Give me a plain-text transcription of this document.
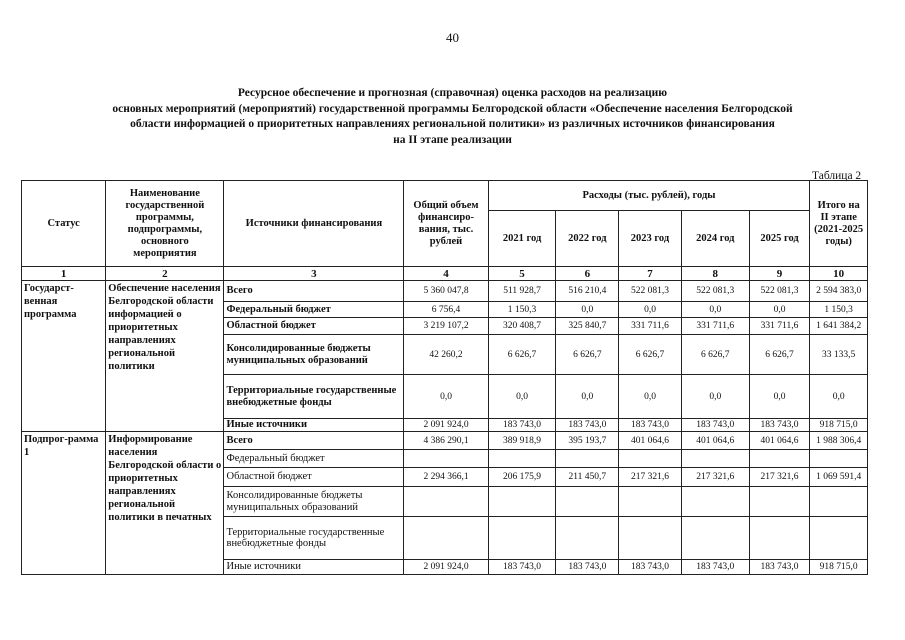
40
Ресурсное обеспечение и прогнозная (справочная) оценка расходов на реализацию
основных мероприятий (мероприятий) государственной программы Белгородской области «Обеспечение населения Белгородской
области информацией о приоритетных направлениях региональной политики» из различных источников финансирования
на II этапе реализации
Таблица 2
Статус	Наименование государственной программы, подпрограммы, основного мероприятия	Источники финансирования	Общий объем финансиро-вания, тыс. рублей	Расходы (тыс. рублей), годы					Итого на II этапе (2021-2025 годы)
				2021 год	2022 год	2023 год	2024 год	2025 год	
1	2	3	4	5	6	7	8	9	10
Государст-венная программа	Обеспечение населения Белгородской области информацией о приоритетных направлениях региональной политики	Всего	5 360 047,8	511 928,7	516 210,4	522 081,3	522 081,3	522 081,3	2 594 383,0
		Федеральный бюджет	6 756,4	1 150,3	0,0	0,0	0,0	0,0	1 150,3
		Областной бюджет	3 219 107,2	320 408,7	325 840,7	331 711,6	331 711,6	331 711,6	1 641 384,2
		Консолидированные бюджеты муниципальных образований	42 260,2	6 626,7	6 626,7	6 626,7	6 626,7	6 626,7	33 133,5
		Территориальные государственные внебюджетные фонды	0,0	0,0	0,0	0,0	0,0	0,0	0,0
		Иные источники	2 091 924,0	183 743,0	183 743,0	183 743,0	183 743,0	183 743,0	918 715,0
Подпрог-рамма 1	Информирование населения Белгородской области о приоритетных направлениях региональной политики в печатных	Всего	4 386 290,1	389 918,9	395 193,7	401 064,6	401 064,6	401 064,6	1 988 306,4
		Федеральный бюджет							
		Областной бюджет	2 294 366,1	206 175,9	211 450,7	217 321,6	217 321,6	217 321,6	1 069 591,4
		Консолидированные бюджеты муниципальных образований							
		Территориальные государственные внебюджетные фонды							
		Иные источники	2 091 924,0	183 743,0	183 743,0	183 743,0	183 743,0	183 743,0	918 715,0
